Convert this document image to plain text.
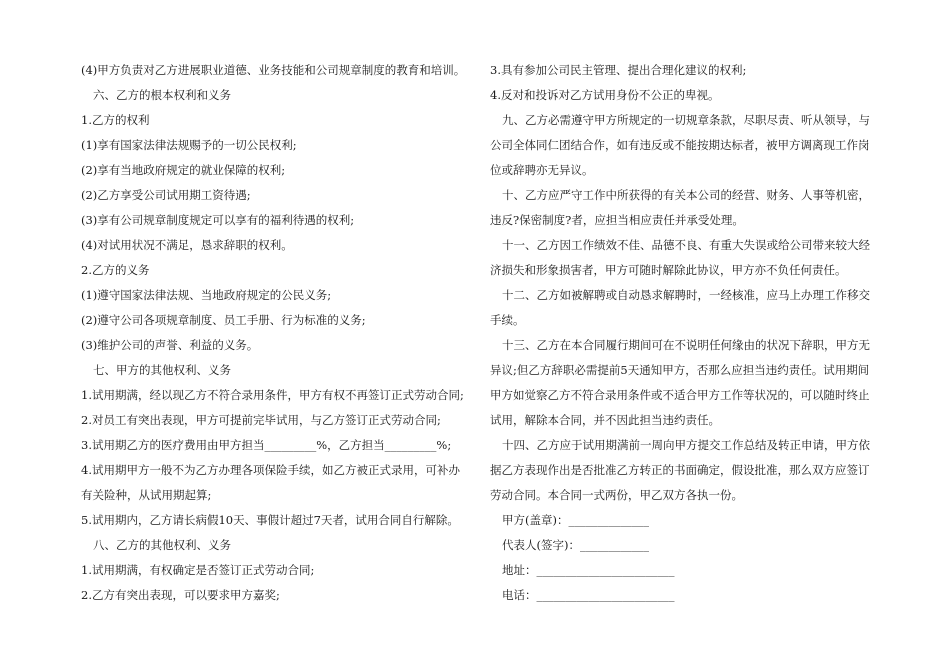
(4)甲方负责对乙方进展职业道德、业务技能和公司规章制度的教育和培训。

六、乙方的根本权利和义务

1.乙方的权利

(1)享有国家法律法规赐予的一切公民权利;

(2)享有当地政府规定的就业保障的权利;

(2)乙方享受公司试用期工资待遇;

(3)享有公司规章制度规定可以享有的福利待遇的权利;

(4)对试用状况不满足，恳求辞职的权利。

2.乙方的义务

(1)遵守国家法律法规、当地政府规定的公民义务;

(2)遵守公司各项规章制度、员工手册、行为标准的义务;

(3)维护公司的声誉、利益的义务。

七、甲方的其他权利、义务

1.试用期满，经以现乙方不符合录用条件，甲方有权不再签订正式劳动合同;

2.对员工有突出表现，甲方可提前完毕试用，与乙方签订正式劳动合同;

3.试用期乙方的医疗费用由甲方担当_________%，乙方担当_________%;

4.试用期甲方一般不为乙方办理各项保险手续，如乙方被正式录用，可补办有关险种，从试用期起算;

5.试用期内，乙方请长病假10天、事假计超过7天者，试用合同自行解除。

八、乙方的其他权利、义务

1.试用期满，有权确定是否签订正式劳动合同;

2.乙方有突出表现，可以要求甲方嘉奖;

3.具有参加公司民主管理、提出合理化建议的权利;

4.反对和投诉对乙方试用身份不公正的卑视。

九、乙方必需遵守甲方所规定的一切规章条款，尽职尽责、听从领导，与公司全体同仁团结合作，如有违反或不能按期达标者，被甲方调离现工作岗位或辞聘亦无异议。

十、乙方应严守工作中所获得的有关本公司的经营、财务、人事等机密，违反?保密制度?者，应担当相应责任并承受处理。

十一、乙方因工作绩效不佳、品德不良、有重大失误或给公司带来较大经济损失和形象损害者，甲方可随时解除此协议，甲方亦不负任何责任。

十二、乙方如被解聘或自动恳求解聘时，一经核准，应马上办理工作移交手续。

十三、乙方在本合同履行期间可在不说明任何缘由的状况下辞职，甲方无异议;但乙方辞职必需提前5天通知甲方，否那么应担当违约责任。试用期间甲方如觉察乙方不符合录用条件或不适合甲方工作等状况的，可以随时终止试用，解除本合同，并不因此担当违约责任。

十四、乙方应于试用期满前一周向甲方提交工作总结及转正申请，甲方依据乙方表现作出是否批准乙方转正的书面确定，假设批准，那么双方应签订劳动合同。本合同一式两份，甲乙双方各执一份。

甲方(盖章)：______________

代表人(签字)：____________

地址：________________________

电话：________________________
